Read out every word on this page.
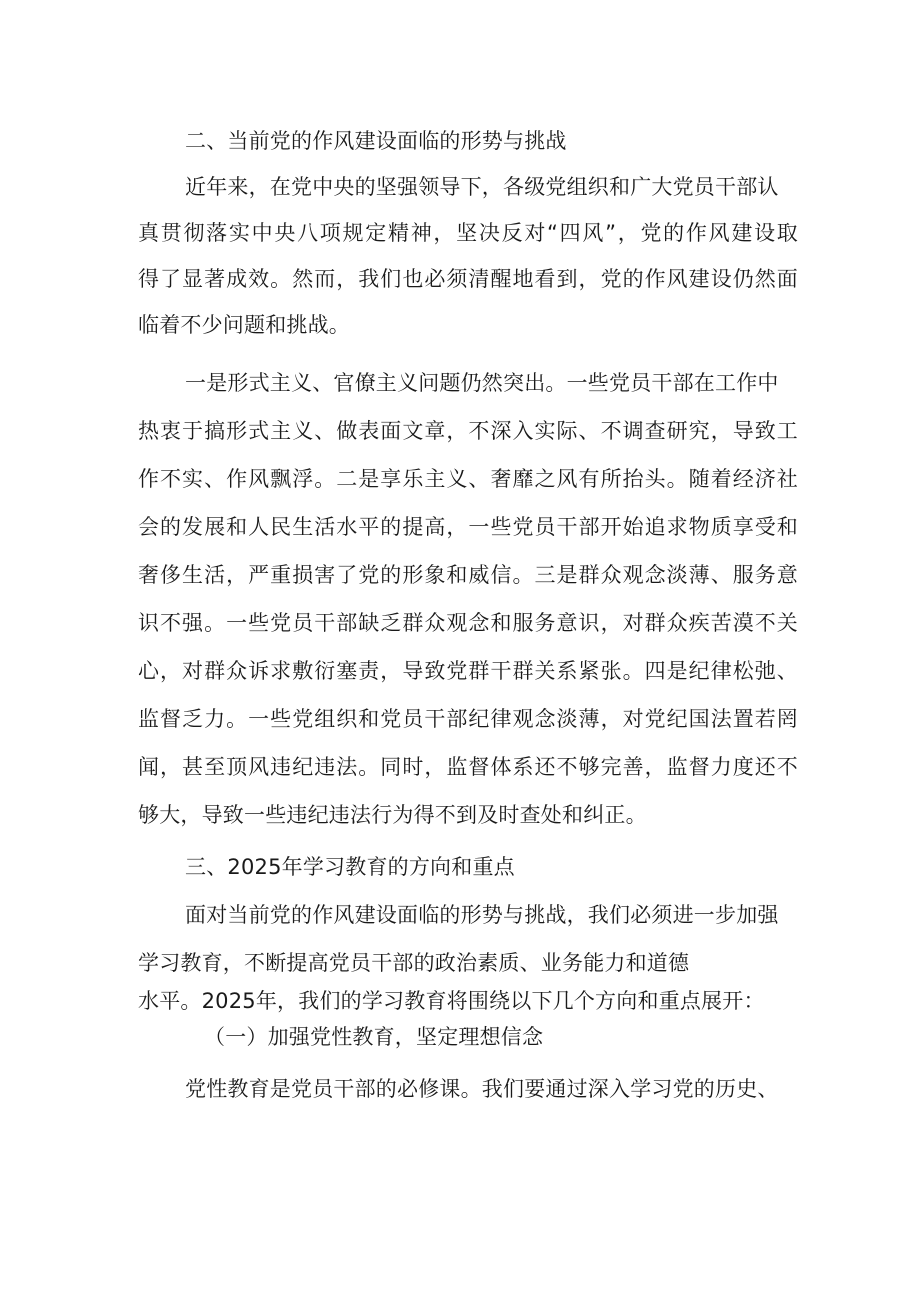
二、当前党的作风建设面临的形势与挑战
近年来，在党中央的坚强领导下，各级党组织和广大党员干部认
真贯彻落实中央八项规定精神，坚决反对“四风”，党的作风建设取
得了显著成效。然而，我们也必须清醒地看到，党的作风建设仍然面
临着不少问题和挑战。
一是形式主义、官僚主义问题仍然突出。一些党员干部在工作中
热衷于搞形式主义、做表面文章，不深入实际、不调查研究，导致工
作不实、作风飘浮。二是享乐主义、奢靡之风有所抬头。随着经济社
会的发展和人民生活水平的提高，一些党员干部开始追求物质享受和
奢侈生活，严重损害了党的形象和威信。三是群众观念淡薄、服务意
识不强。一些党员干部缺乏群众观念和服务意识，对群众疾苦漠不关
心，对群众诉求敷衍塞责，导致党群干群关系紧张。四是纪律松弛、
监督乏力。一些党组织和党员干部纪律观念淡薄，对党纪国法置若罔
闻，甚至顶风违纪违法。同时，监督体系还不够完善，监督力度还不
够大，导致一些违纪违法行为得不到及时查处和纠正。
三、2025年学习教育的方向和重点
面对当前党的作风建设面临的形势与挑战，我们必须进一步加强
学习教育，不断提高党员干部的政治素质、业务能力和道德
水平。2025年，我们的学习教育将围绕以下几个方向和重点展开：
（一）加强党性教育，坚定理想信念
党性教育是党员干部的必修课。我们要通过深入学习党的历史、
